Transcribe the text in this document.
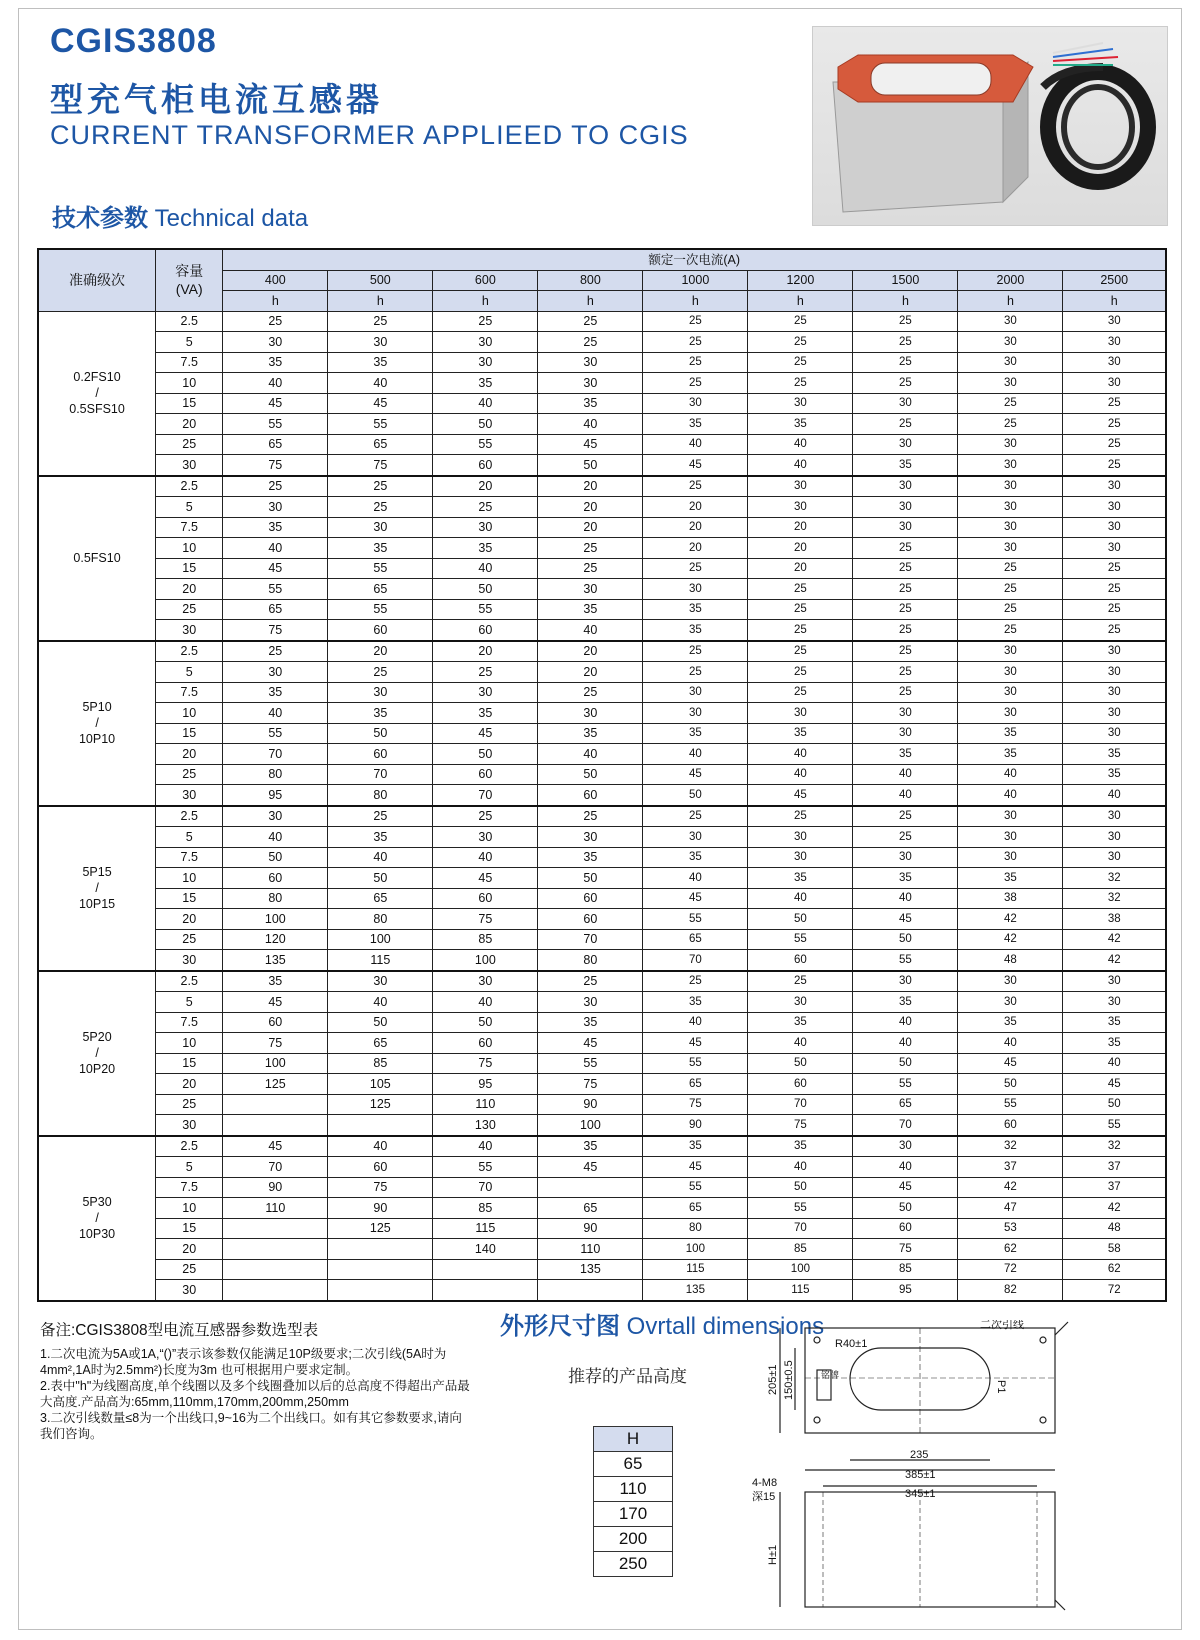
CGIS3808
型充气柜电流互感器
CURRENT TRANSFORMER APPLIEED TO CGIS
技术参数 Technical data
准确级次	容量
(VA)	额定一次电流(A)								
		400	500	600	800	1000	1200	1500	2000	2500
		h	h	h	h	h	h	h	h	h

0.2FS10
/
0.5SFS10	2.5	25	25	25	25	25	25	25	30	30
	5	30	30	30	25	25	25	25	30	30
	7.5	35	35	30	30	25	25	25	30	30
	10	40	40	35	30	25	25	25	30	30
	15	45	45	40	35	30	30	30	25	25
	20	55	55	50	40	35	35	25	25	25
	25	65	65	55	45	40	40	30	30	25
	30	75	75	60	50	45	40	35	30	25

0.5FS10	2.5	25	25	20	20	25	30	30	30	30
	5	30	25	25	20	20	30	30	30	30
	7.5	35	30	30	20	20	20	30	30	30
	10	40	35	35	25	20	20	25	30	30
	15	45	55	40	25	25	20	25	25	25
	20	55	65	50	30	30	25	25	25	25
	25	65	55	55	35	35	25	25	25	25
	30	75	60	60	40	35	25	25	25	25

5P10
/
10P10	2.5	25	20	20	20	25	25	25	30	30
	5	30	25	25	20	25	25	25	30	30
	7.5	35	30	30	25	30	25	25	30	30
	10	40	35	35	30	30	30	30	30	30
	15	55	50	45	35	35	35	30	35	30
	20	70	60	50	40	40	40	35	35	35
	25	80	70	60	50	45	40	40	40	35
	30	95	80	70	60	50	45	40	40	40

5P15
/
10P15	2.5	30	25	25	25	25	25	25	30	30
	5	40	35	30	30	30	30	25	30	30
	7.5	50	40	40	35	35	30	30	30	30
	10	60	50	45	50	40	35	35	35	32
	15	80	65	60	60	45	40	40	38	32
	20	100	80	75	60	55	50	45	42	38
	25	120	100	85	70	65	55	50	42	42
	30	135	115	100	80	70	60	55	48	42

5P20
/
10P20	2.5	35	30	30	25	25	25	30	30	30
	5	45	40	40	30	35	30	35	30	30
	7.5	60	50	50	35	40	35	40	35	35
	10	75	65	60	45	45	40	40	40	35
	15	100	85	75	55	55	50	50	45	40
	20	125	105	95	75	65	60	55	50	45
	25		125	110	90	75	70	65	55	50
	30			130	100	90	75	70	60	55

5P30
/
10P30	2.5	45	40	40	35	35	35	30	32	32
	5	70	60	55	45	45	40	40	37	37
	7.5	90	75	70		55	50	45	42	37
	10	110	90	85	65	65	55	50	47	42
	15		125	115	90	80	70	60	53	48
	20			140	110	100	85	75	62	58
	25				135	115	100	85	72	62
	30					135	115	95	82	72
备注:CGIS3808型电流互感器参数选型表
1.二次电流为5A或1A,“()”表示该参数仅能满足10P级要求;二次引线(5A时为4mm²,1A时为2.5mm²)长度为3m 也可根据用户要求定制。
2.表中"h"为线圈高度,单个线圈以及多个线圈叠加以后的总高度不得超出产品最大高度.产品高为:65mm,110mm,170mm,200mm,250mm
3.二次引线数量≤8为一个出线口,9~16为二个出线口。如有其它参数要求,请向我们咨询。
外形尺寸图 Ovrtall dimensions
推荐的产品高度
H
65
110
170
200
250
二次引线
R40±1
205±1 150±0.5	P1
铭牌
235
385±1
345±1
4-M8
深15
H±1
